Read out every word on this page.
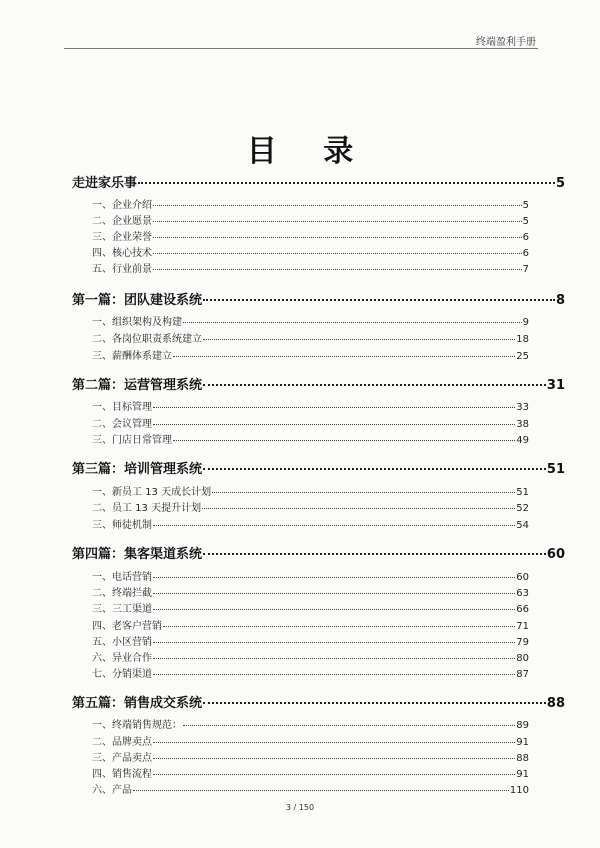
终端盈利手册
目 录
走进家乐事	5
一、企业介绍	5
二、企业愿景	5
三、企业荣誉	6
四、核心技术	6
五、行业前景	7
第一篇：团队建设系统	8
一、组织架构及构建	9
二、各岗位职责系统建立	18
三、薪酬体系建立	25
第二篇：运营管理系统	31
一、目标管理	33
二、会议管理	38
三、门店日常管理	49
第三篇：培训管理系统	51
一、新员工 13 天成长计划	51
二、员工 13 天提升计划	52
三、师徒机制	54
第四篇：集客渠道系统	60
一、电话营销	60
二、终端拦截	63
三、三工渠道	66
四、老客户营销	71
五、小区营销	79
六、异业合作	80
七、分销渠道	87
第五篇：销售成交系统	88
一、终端销售规范：	89
二、品牌卖点	91
三、产品卖点	88
四、销售流程	91
六、产品	110
3 / 150
